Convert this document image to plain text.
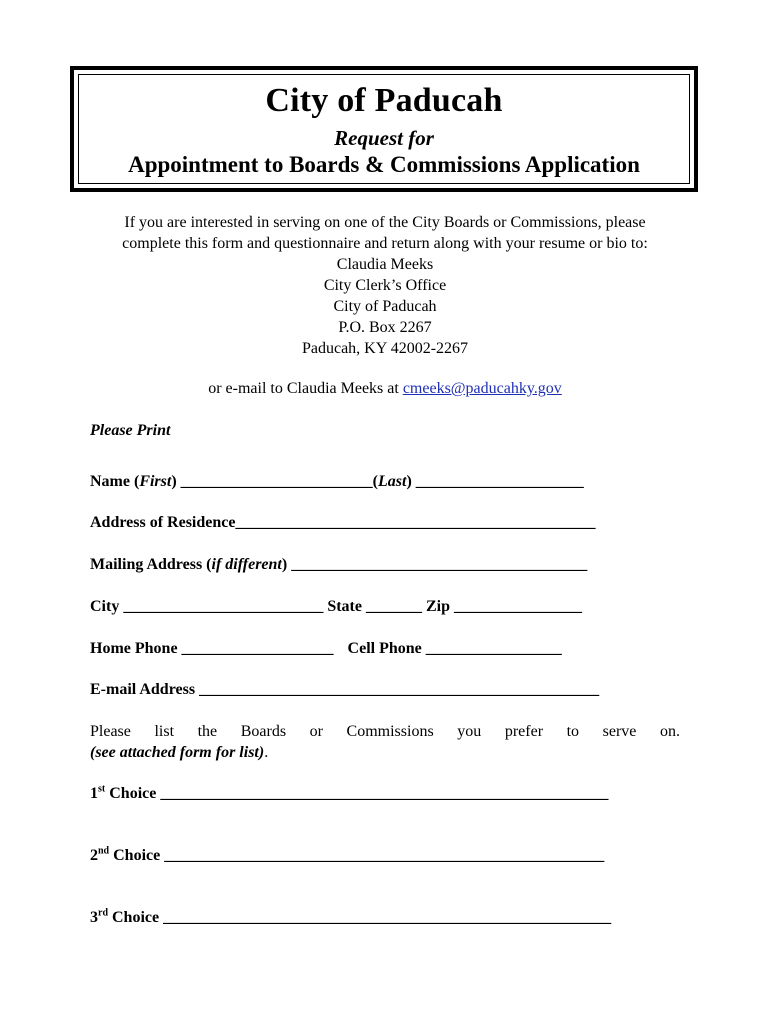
City of Paducah
Request for
Appointment to Boards & Commissions Application
If you are interested in serving on one of the City Boards or Commissions, please
complete this form and questionnaire and return along with your resume or bio to:
Claudia Meeks
City Clerk’s Office
City of Paducah
P.O. Box 2267
Paducah, KY 42002-2267
or e-mail to Claudia Meeks at cmeeks@paducahky.gov
Please Print
Name (First) ________________________(Last) _____________________
Address of Residence_____________________________________________
Mailing Address (if different) _____________________________________
City _________________________ State _______ Zip ________________
Home Phone ___________________ Cell Phone _________________
E-mail Address __________________________________________________
Please list the Boards or Commissions you prefer to serve on.
(see attached form for list).
1st Choice ________________________________________________________
2nd Choice _______________________________________________________
3rd Choice ________________________________________________________
